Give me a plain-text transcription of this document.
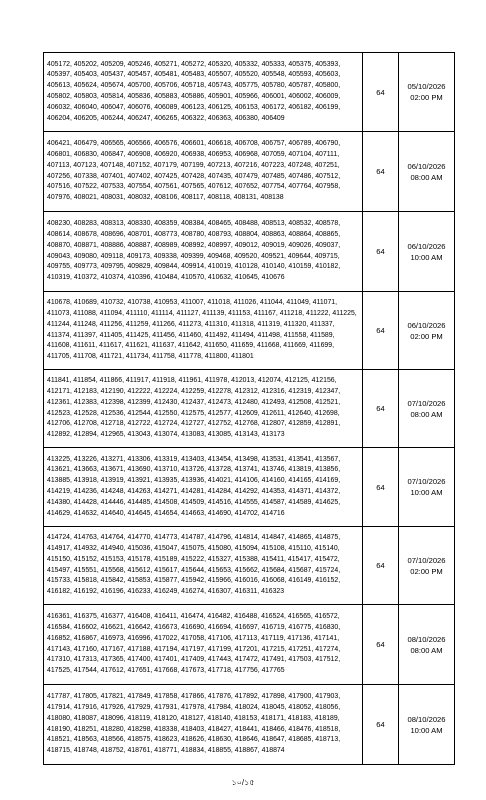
405172, 405202, 405209, 405246, 405271, 405272, 405320, 405332, 405333, 405375, 405393, 405397, 405403, 405437, 405457, 405481, 405483, 405507, 405520, 405548, 405593, 405603, 405613, 405624, 405674, 405700, 405706, 405718, 405743, 405775, 405780, 405787, 405800, 405802, 405803, 405814, 405836, 405883, 405886, 405901, 405966, 406001, 406002, 406009, 406032, 406040, 406047, 406076, 406089, 406123, 406125, 406153, 406172, 406182, 406199, 406204, 406205, 406244, 406247, 406265, 406322, 406363, 406380, 406409	64	05/10/2026
02:00 PM

406421, 406479, 406565, 406566, 406576, 406601, 406618, 406708, 406757, 406789, 406790, 406801, 406830, 406847, 406908, 406920, 406938, 406953, 406968, 407059, 407104, 407111, 407113, 407123, 407148, 407152, 407179, 407199, 407213, 407216, 407223, 407248, 407251, 407256, 407338, 407401, 407402, 407425, 407428, 407435, 407479, 407485, 407486, 407512, 407516, 407522, 407533, 407554, 407561, 407565, 407612, 407652, 407754, 407764, 407958, 407976, 408021, 408031, 408032, 408106, 408117, 408118, 408131, 408138	64	06/10/2026
08:00 AM

408230, 408283, 408313, 408330, 408359, 408384, 408465, 408488, 408513, 408532, 408578, 408614, 408678, 408696, 408701, 408773, 408780, 408793, 408804, 408863, 408864, 408865, 408870, 408871, 408886, 408887, 408989, 408992, 408997, 409012, 409019, 409026, 409037, 409043, 409080, 409118, 409173, 409338, 409399, 409468, 409520, 409521, 409644, 409715, 409755, 409773, 409795, 409829, 409844, 409914, 410019, 410128, 410140, 410159, 410182, 410319, 410372, 410374, 410396, 410484, 410570, 410632, 410645, 410676	64	06/10/2026
10:00 AM

410678, 410689, 410732, 410738, 410953, 411007, 411018, 411026, 411044, 411049, 411071, 411073, 411088, 411094, 411110, 411114, 411127, 411139, 411153, 411167, 411218, 411222, 411225, 411244, 411248, 411256, 411259, 411266, 411273, 411310, 411318, 411319, 411320, 411337, 411374, 411397, 411405, 411425, 411456, 411460, 411492, 411494, 411498, 411558, 411589, 411608, 411611, 411617, 411621, 411637, 411642, 411650, 411659, 411668, 411669, 411699, 411705, 411708, 411721, 411734, 411758, 411778, 411800, 411801	64	06/10/2026
02:00 PM

411841, 411854, 411866, 411917, 411918, 411961, 411978, 412013, 412074, 412125, 412156, 412171, 412183, 412190, 412222, 412224, 412259, 412278, 412312, 412316, 412319, 412347, 412361, 412383, 412398, 412399, 412430, 412437, 412473, 412480, 412493, 412508, 412521, 412523, 412528, 412536, 412544, 412550, 412575, 412577, 412609, 412611, 412640, 412698, 412706, 412708, 412718, 412722, 412724, 412727, 412752, 412768, 412807, 412859, 412891, 412892, 412894, 412965, 413043, 413074, 413083, 413085, 413143, 413173	64	07/10/2026
08:00 AM

413225, 413226, 413271, 413306, 413319, 413403, 413454, 413498, 413531, 413541, 413567, 413621, 413663, 413671, 413690, 413710, 413726, 413728, 413741, 413746, 413819, 413856, 413885, 413918, 413919, 413921, 413935, 413936, 414021, 414106, 414160, 414165, 414169, 414219, 414236, 414248, 414263, 414271, 414281, 414284, 414292, 414353, 414371, 414372, 414380, 414428, 414446, 414485, 414508, 414509, 414516, 414555, 414587, 414589, 414625, 414629, 414632, 414640, 414645, 414654, 414663, 414690, 414702, 414716	64	07/10/2026
10:00 AM

414724, 414763, 414764, 414770, 414773, 414787, 414796, 414814, 414847, 414865, 414875, 414917, 414932, 414940, 415036, 415047, 415075, 415080, 415094, 415108, 415110, 415140, 415150, 415152, 415153, 415178, 415189, 415222, 415327, 415388, 415411, 415417, 415472, 415497, 415551, 415568, 415612, 415617, 415644, 415653, 415662, 415684, 415687, 415724, 415733, 415818, 415842, 415853, 415877, 415942, 415966, 416016, 416068, 416149, 416152, 416182, 416192, 416196, 416233, 416249, 416274, 416307, 416311, 416323	64	07/10/2026
02:00 PM

416361, 416375, 416377, 416408, 416411, 416474, 416482, 416488, 416524, 416565, 416572, 416584, 416602, 416621, 416642, 416673, 416690, 416694, 416697, 416719, 416775, 416830, 416852, 416867, 416973, 416996, 417022, 417058, 417106, 417113, 417119, 417136, 417141, 417143, 417160, 417167, 417188, 417194, 417197, 417199, 417201, 417215, 417251, 417274, 417310, 417313, 417365, 417400, 417401, 417409, 417443, 417472, 417491, 417503, 417512, 417525, 417544, 417612, 417651, 417668, 417673, 417718, 417756, 417765	64	08/10/2026
08:00 AM

417787, 417805, 417821, 417849, 417858, 417866, 417876, 417892, 417898, 417900, 417903, 417914, 417916, 417926, 417929, 417931, 417978, 417984, 418024, 418045, 418052, 418056, 418080, 418087, 418096, 418119, 418120, 418127, 418140, 418153, 418171, 418183, 418189, 418190, 418251, 418280, 418298, 418338, 418403, 418427, 418441, 418466, 418476, 418518, 418521, 418563, 418566, 418575, 418623, 418626, 418630, 418646, 418647, 418685, 418713, 418715, 418748, 418752, 418761, 418771, 418834, 418855, 418867, 418874	64	08/10/2026
10:00 AM
১০/১৫
